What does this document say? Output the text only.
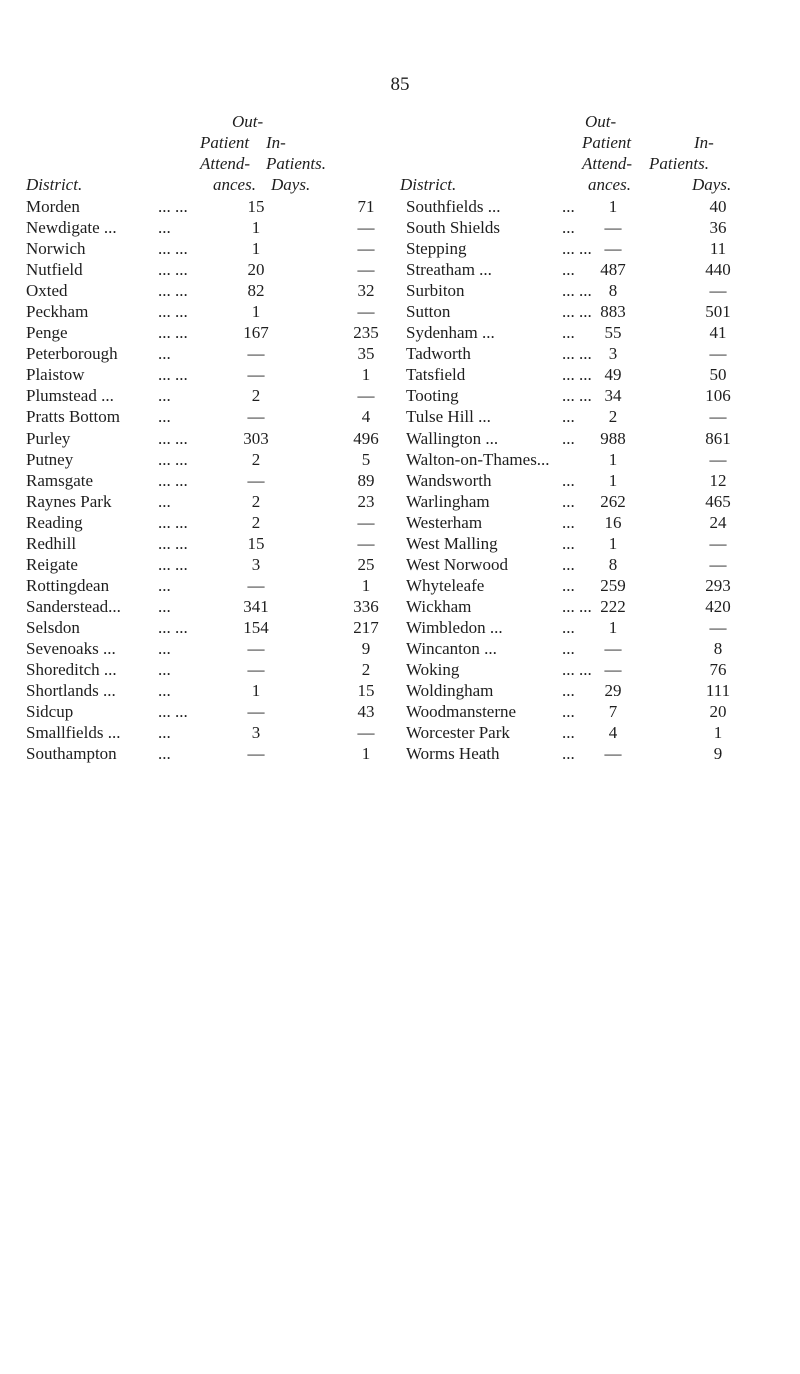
85
Out-
Patient
Attend-
In-
Patients.
District.	ances. Days.
Morden	... ...	15	71
Newdigate ... ...	1	—
Norwich	... ...	1	—
Nutfield	... ...	20	—
Oxted	... ...	82	32
Peckham	... ...	1	—
Penge	... ...	167	235
Peterborough ...	—	35
Plaistow	... ...	—	1
Plumstead ...	...	2	—
Pratts Bottom ...	—	4
Purley	... ...	303	496
Putney	... ...	2	5
Ramsgate	... ...	—	89
Raynes Park	...	2	23
Reading	... ...	2	—
Redhill	... ...	15	—
Reigate	... ...	3	25
Rottingdean	...	—	1
Sanderstead... ...	341	336
Selsdon	... ...	154	217
Sevenoaks ... ...	—	9
Shoreditch ... ...	—	2
Shortlands ... ...	1	15
Sidcup	... ...	—	43
Smallfields ... ...	3	—
Southampton ...	—	1
Out-
Patient
Attend-
In-
Patients.
District.	ances.	Days.
Southfields ...	...	1	40
South Shields	...	—	36
Stepping	... ... —	11
Streatham ...	...	487	440
Surbiton	... ...	8	—
Sutton	... ... 883	501
Sydenham ...	...	55	41
Tadworth	... ...	3	—
Tatsfield	... ... 49	50
Tooting	... ... 34	106
Tulse Hill ...	...	2	—
Wallington ...	...	988	861
Walton-on-Thames...	1	—
Wandsworth	...	1	12
Warlingham	...	262	465
Westerham	...	16	24
West Malling	...	1	—
West Norwood	...	8	—
Whyteleafe	...	259	293
Wickham	... ... 222	420
Wimbledon ...	...	1	—
Wincanton ...	...	—	8
Woking	... ... —	76
Woldingham	...	29	111
Woodmansterne	...	7	20
Worcester Park	...	4	1
Worms Heath	...	—	9
